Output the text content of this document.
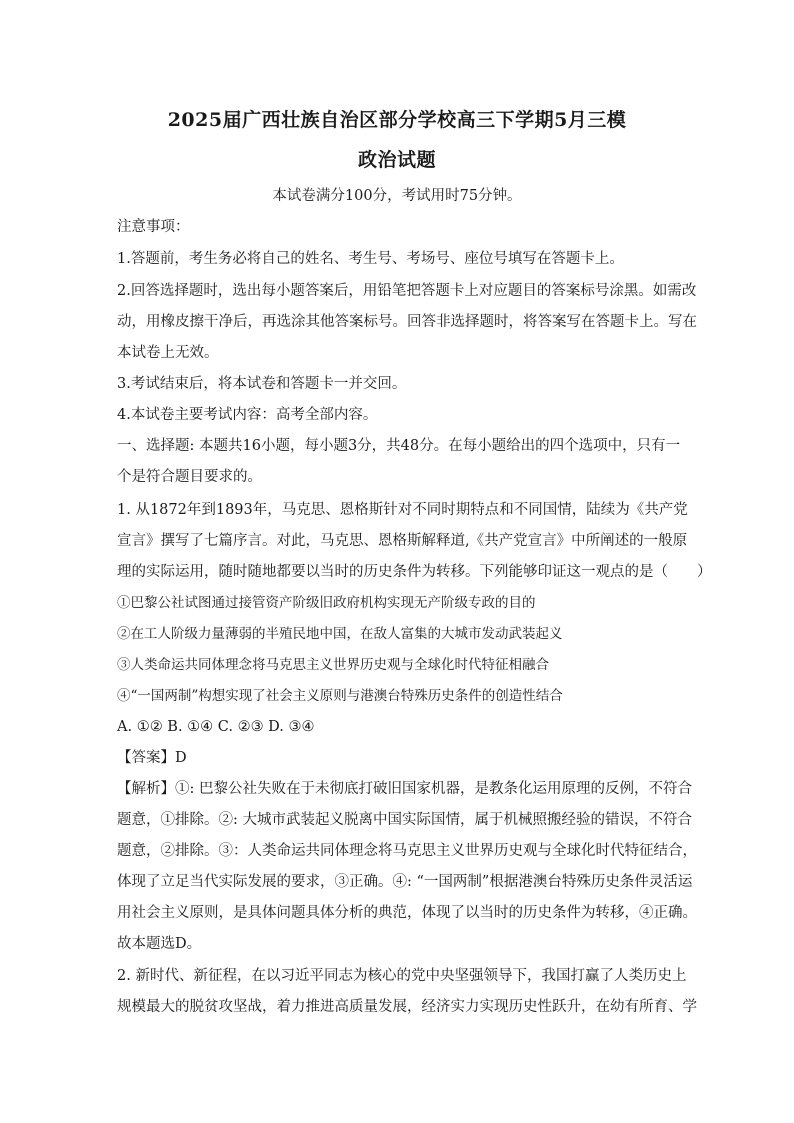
2025届广西壮族自治区部分学校高三下学期5月三模
政治试题
本试卷满分100分，考试用时75分钟。
注意事项：
1.答题前，考生务必将自己的姓名、考生号、考场号、座位号填写在答题卡上。
2.回答选择题时，选出每小题答案后，用铅笔把答题卡上对应题目的答案标号涂黑。如需改
动，用橡皮擦干净后，再选涂其他答案标号。回答非选择题时，将答案写在答题卡上。写在
本试卷上无效。
3.考试结束后，将本试卷和答题卡一并交回。
4.本试卷主要考试内容：高考全部内容。
一、选择题: 本题共16小题，每小题3分，共48分。在每小题给出的四个选项中，只有一
个是符合题目要求的。
1. 从1872年到1893年，马克思、恩格斯针对不同时期特点和不同国情，陆续为《共产党
宣言》撰写了七篇序言。对此，马克思、恩格斯解释道,《共产党宣言》中所阐述的一般原
理的实际运用，随时随地都要以当时的历史条件为转移。下列能够印证这一观点的是（　　）
①巴黎公社试图通过接管资产阶级旧政府机构实现无产阶级专政的目的
②在工人阶级力量薄弱的半殖民地中国，在敌人富集的大城市发动武装起义
③人类命运共同体理念将马克思主义世界历史观与全球化时代特征相融合
④“一国两制”构想实现了社会主义原则与港澳台特殊历史条件的创造性结合
A. ①② B. ①④ C. ②③ D. ③④
【答案】D
【解析】①: 巴黎公社失败在于未彻底打破旧国家机器，是教条化运用原理的反例，不符合
题意，①排除。②: 大城市武装起义脱离中国实际国情，属于机械照搬经验的错误，不符合
题意，②排除。③：人类命运共同体理念将马克思主义世界历史观与全球化时代特征结合，
体现了立足当代实际发展的要求，③正确。④: “一国两制”根据港澳台特殊历史条件灵活运
用社会主义原则，是具体问题具体分析的典范，体现了以当时的历史条件为转移，④正确。
故本题选D。
2. 新时代、新征程，在以习近平同志为核心的党中央坚强领导下，我国打赢了人类历史上
规模最大的脱贫攻坚战，着力推进高质量发展，经济实力实现历史性跃升，在幼有所育、学
